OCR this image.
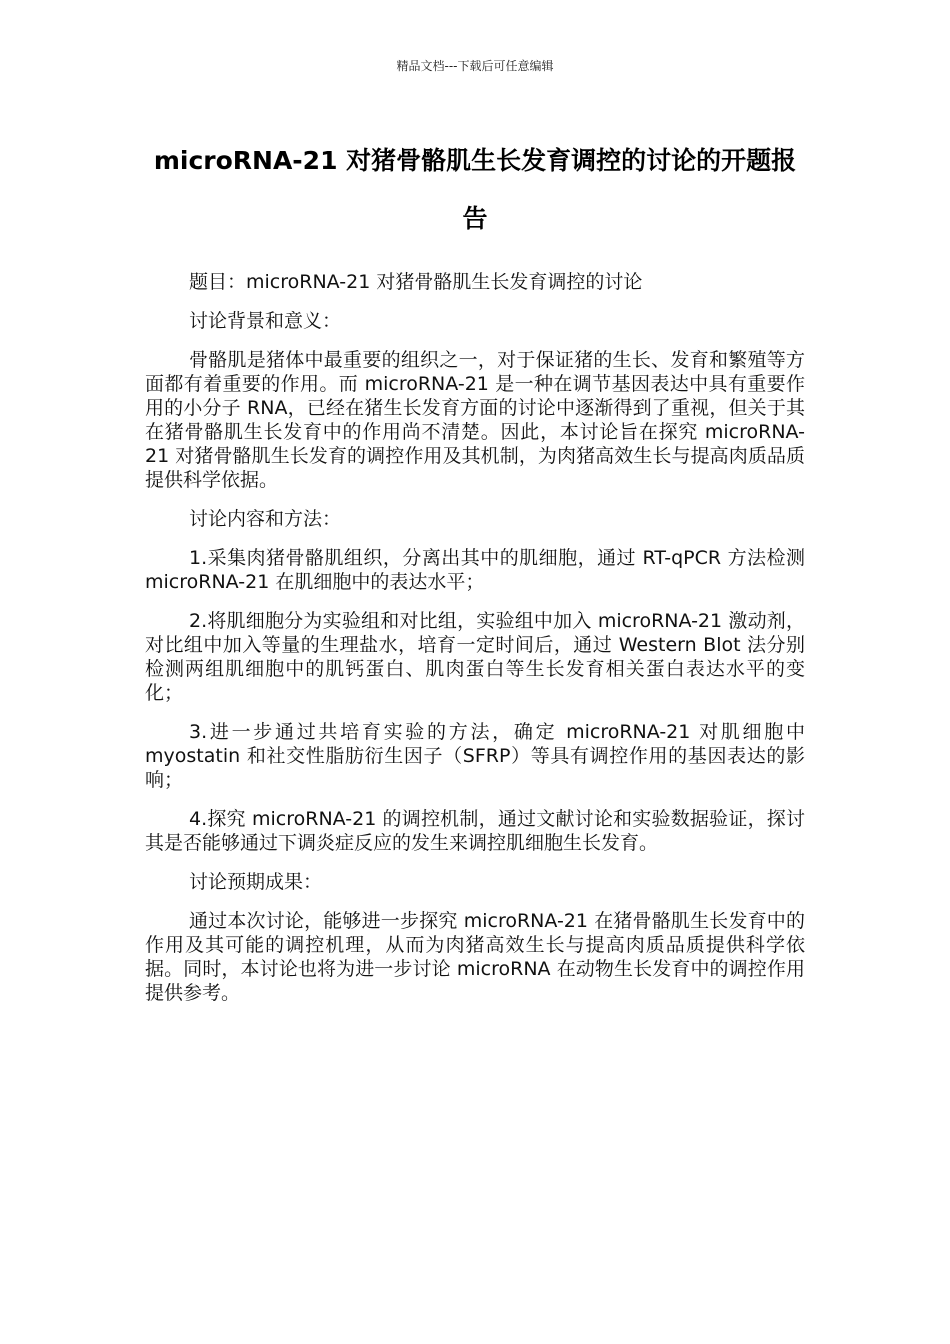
精品文档---下载后可任意编辑
microRNA-21 对猪骨骼肌生长发育调控的讨论的开题报告

题目：microRNA-21 对猪骨骼肌生长发育调控的讨论

讨论背景和意义：

骨骼肌是猪体中最重要的组织之一，对于保证猪的生长、发育和繁殖等方面都有着重要的作用。而 microRNA-21 是一种在调节基因表达中具有重要作用的小分子 RNA，已经在猪生长发育方面的讨论中逐渐得到了重视，但关于其在猪骨骼肌生长发育中的作用尚不清楚。因此，本讨论旨在探究 microRNA-21 对猪骨骼肌生长发育的调控作用及其机制，为肉猪高效生长与提高肉质品质提供科学依据。

讨论内容和方法：

1.采集肉猪骨骼肌组织，分离出其中的肌细胞，通过 RT-qPCR 方法检测 microRNA-21 在肌细胞中的表达水平；

2.将肌细胞分为实验组和对比组，实验组中加入 microRNA-21 激动剂，对比组中加入等量的生理盐水，培育一定时间后，通过 Western Blot 法分别检测两组肌细胞中的肌钙蛋白、肌肉蛋白等生长发育相关蛋白表达水平的变化；

3.进一步通过共培育实验的方法，确定 microRNA-21 对肌细胞中 myostatin 和社交性脂肪衍生因子（SFRP）等具有调控作用的基因表达的影响；

4.探究 microRNA-21 的调控机制，通过文献讨论和实验数据验证，探讨其是否能够通过下调炎症反应的发生来调控肌细胞生长发育。

讨论预期成果：

通过本次讨论，能够进一步探究 microRNA-21 在猪骨骼肌生长发育中的作用及其可能的调控机理，从而为肉猪高效生长与提高肉质品质提供科学依据。同时，本讨论也将为进一步讨论 microRNA 在动物生长发育中的调控作用提供参考。
